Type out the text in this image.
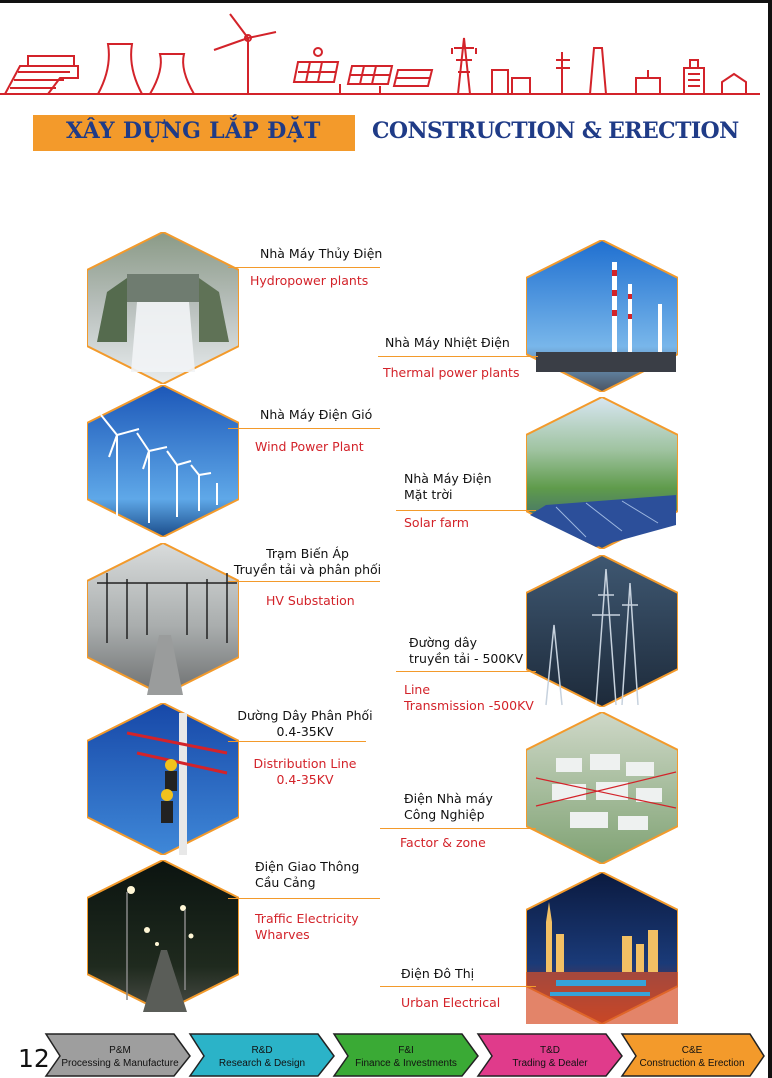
XÂY DỰNG LẮP ĐẶT CONSTRUCTION & ERECTION
Nhà Máy Thủy Điện
Hydropower plants
Nhà Máy Nhiệt Điện
Thermal power plants
Nhà Máy Điện Gió
Wind Power Plant
Nhà Máy Điện
Mặt trời
Solar farm
Trạm Biến Áp
Truyền tải và phân phối
HV Substation
Đường dây
truyền tải - 500KV
Line
Transmission -500KV
Dường Dây Phân Phối
0.4-35KV
Distribution Line
0.4-35KV
Điện Nhà máy
Công Nghiệp
Factor & zone
Điện Giao Thông
Cầu Cảng
Traffic Electricity
Wharves
Điện Đô Thị
Urban Electrical
12	P&M
Processing & Manufacture
R&D
Research & Design
F&I
Finance & Investments
T&D
Trading & Dealer
C&E
Construction & Erection
